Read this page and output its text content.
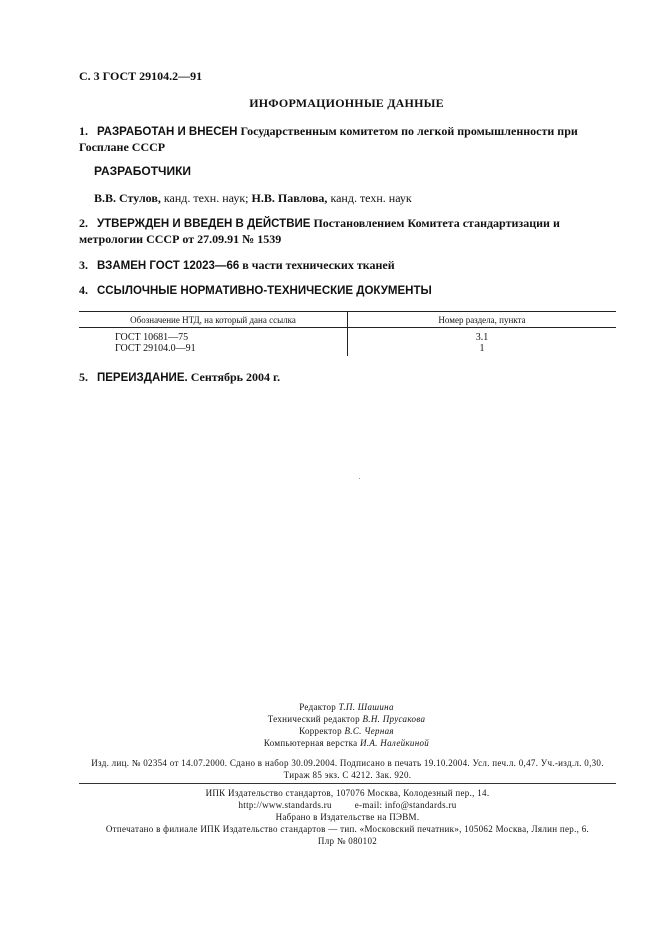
С. 3 ГОСТ 29104.2—91
ИНФОРМАЦИОННЫЕ ДАННЫЕ
1. РАЗРАБОТАН И ВНЕСЕН Государственным комитетом по легкой промышленности при Госплане СССР
РАЗРАБОТЧИКИ
В.В. Стулов, канд. техн. наук; Н.В. Павлова, канд. техн. наук
2. УТВЕРЖДЕН И ВВЕДЕН В ДЕЙСТВИЕ Постановлением Комитета стандартизации и метрологии СССР от 27.09.91 № 1539
3. ВЗАМЕН ГОСТ 12023—66 в части технических тканей
4. ССЫЛОЧНЫЕ НОРМАТИВНО-ТЕХНИЧЕСКИЕ ДОКУМЕНТЫ
Обозначение НТД, на который дана ссылка	Номер раздела, пункта
ГОСТ 10681—75	3.1
ГОСТ 29104.0—91	1
5. ПЕРЕИЗДАНИЕ. Сентябрь 2004 г.
Редактор Т.П. Шашина
Технический редактор В.Н. Прусакова
Корректор В.С. Черная
Компьютерная верстка И.А. Налейкиной
Изд. лиц. № 02354 от 14.07.2000. Сдано в набор 30.09.2004. Подписано в печать 19.10.2004. Усл. печ.л. 0,47. Уч.-изд.л. 0,30.
Тираж 85 экз. С 4212. Зак. 920.
ИПК Издательство стандартов, 107076 Москва, Колодезный пер., 14.
http://www.standards.ru	e-mail: info@standards.ru
Набрано в Издательстве на ПЭВМ.
Отпечатано в филиале ИПК Издательство стандартов — тип. «Московский печатник», 105062 Москва, Лялин пер., 6.
Плр № 080102
